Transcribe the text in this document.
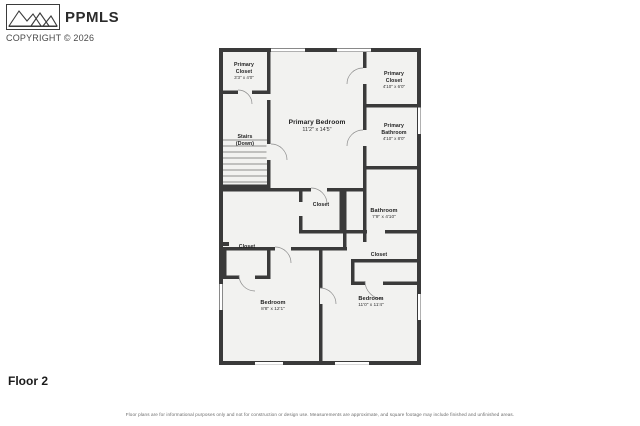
PPMLS
COPYRIGHT © 2026
Floor 2
Primary
Closet
3'3" x 4'0"
Primary
Closet
4'10" x 6'0"
Primary Bedroom
11'2" x 14'5"
Primary
Bathroom
4'10" x 8'0"
Stairs
(Down)
Closet
Bathroom
7'9" x 4'10"
Closet
Closet
Bedroom
8'8" x 12'1"
Bedroom
11'0" x 11'4"
Floor plans are for informational purposes only and not for construction or design use. Measurements are approximate, and square footage may include finished and unfinished areas.
